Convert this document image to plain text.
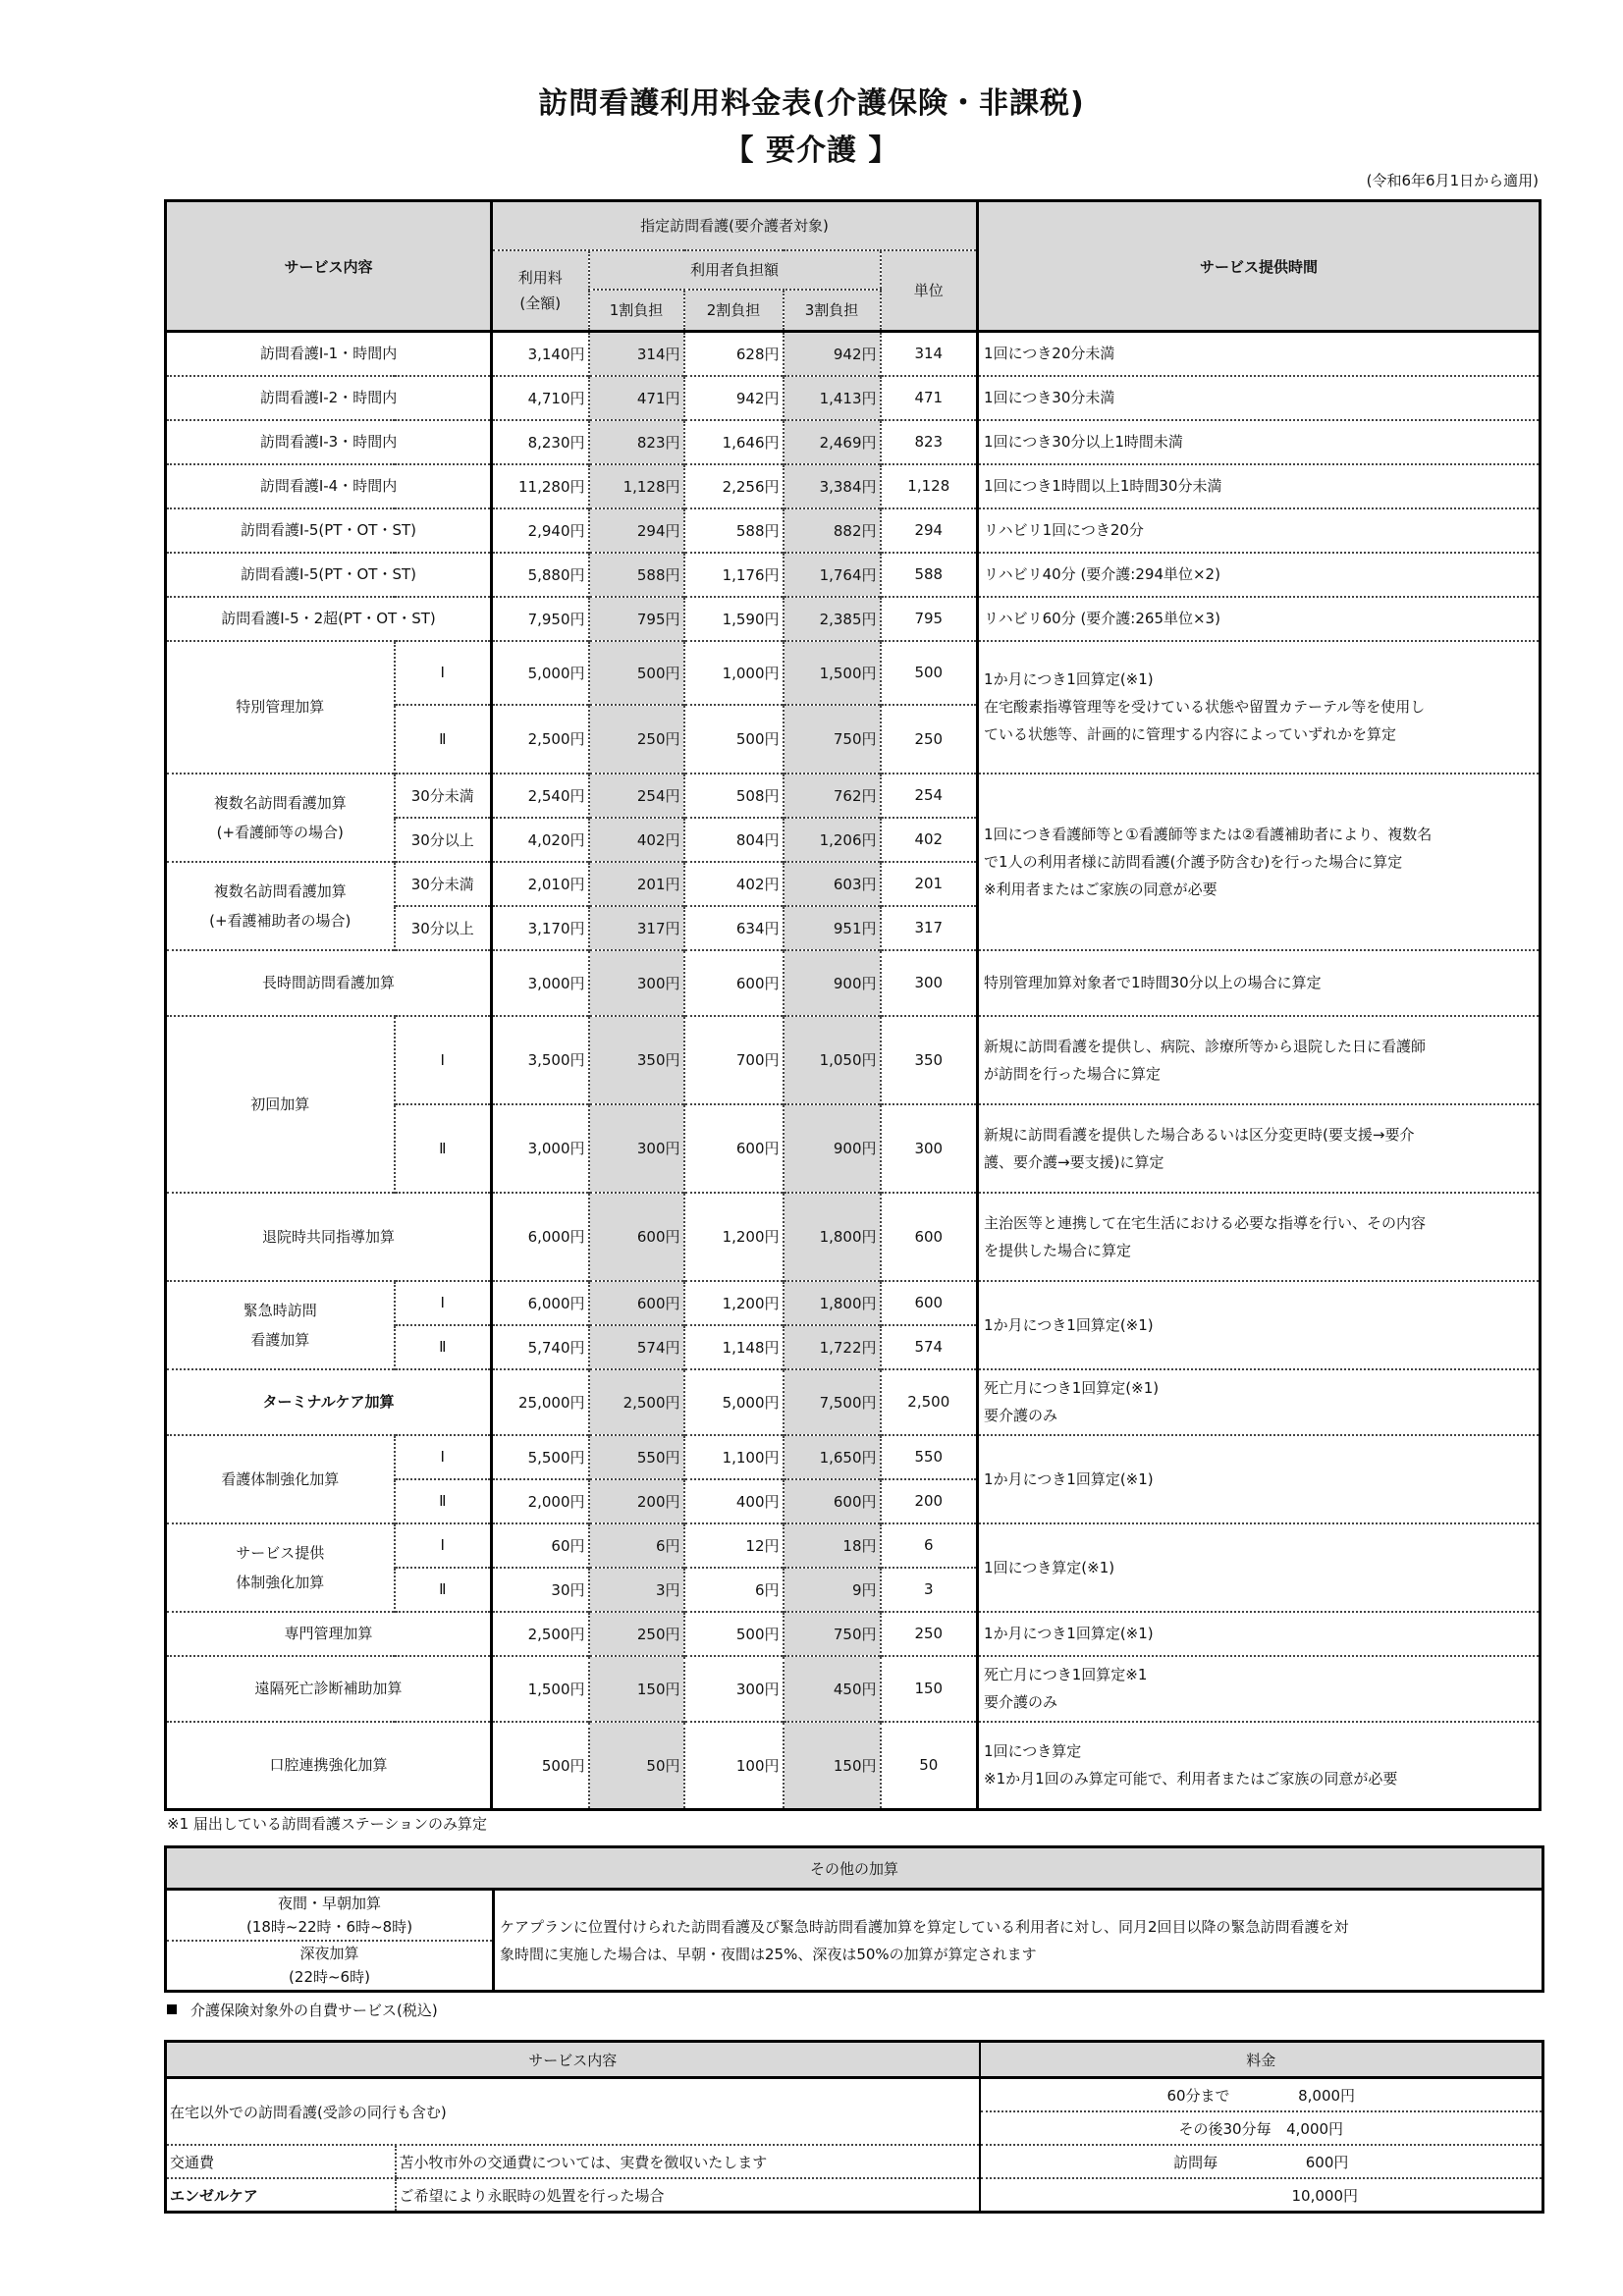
訪問看護利用料金表(介護保険・非課税)
【 要介護 】
(令和6年6月1日から適用)
サービス内容		指定訪問看護(要介護者対象)					サービス提供時間
		利用料
(全額)	利用者負担額			単位	
			1割負担	2割負担	3割負担		
訪問看護Ⅰ-1・時間内		3,140円	314円	628円	942円	314	1回につき20分未満
訪問看護Ⅰ-2・時間内		4,710円	471円	942円	1,413円	471	1回につき30分未満
訪問看護Ⅰ-3・時間内		8,230円	823円	1,646円	2,469円	823	1回につき30分以上1時間未満
訪問看護Ⅰ-4・時間内		11,280円	1,128円	2,256円	3,384円	1,128	1回につき1時間以上1時間30分未満
訪問看護Ⅰ-5(PT・OT・ST)		2,940円	294円	588円	882円	294	リハビリ1回につき20分
訪問看護Ⅰ-5(PT・OT・ST)		5,880円	588円	1,176円	1,764円	588	リハビリ40分 (要介護:294単位×2)
訪問看護Ⅰ-5・2超(PT・OT・ST)		7,950円	795円	1,590円	2,385円	795	リハビリ60分 (要介護:265単位×3)
特別管理加算	Ⅰ	5,000円	500円	1,000円	1,500円	500	1か月につき1回算定(※1)
在宅酸素指導管理等を受けている状態や留置カテーテル等を使用し
ている状態等、計画的に管理する内容によっていずれかを算定
	Ⅱ	2,500円	250円	500円	750円	250	
複数名訪問看護加算
(+看護師等の場合)	30分未満	2,540円	254円	508円	762円	254	1回につき看護師等と①看護師等または②看護補助者により、複数名
で1人の利用者様に訪問看護(介護予防含む)を行った場合に算定
※利用者またはご家族の同意が必要
	30分以上	4,020円	402円	804円	1,206円	402	
複数名訪問看護加算
(+看護補助者の場合)	30分未満	2,010円	201円	402円	603円	201	
	30分以上	3,170円	317円	634円	951円	317	
長時間訪問看護加算		3,000円	300円	600円	900円	300	特別管理加算対象者で1時間30分以上の場合に算定
初回加算	Ⅰ	3,500円	350円	700円	1,050円	350	新規に訪問看護を提供し、病院、診療所等から退院した日に看護師
が訪問を行った場合に算定
	Ⅱ	3,000円	300円	600円	900円	300	新規に訪問看護を提供した場合あるいは区分変更時(要支援→要介
護、要介護→要支援)に算定
退院時共同指導加算		6,000円	600円	1,200円	1,800円	600	主治医等と連携して在宅生活における必要な指導を行い、その内容
を提供した場合に算定
緊急時訪問
看護加算	Ⅰ	6,000円	600円	1,200円	1,800円	600	1か月につき1回算定(※1)
	Ⅱ	5,740円	574円	1,148円	1,722円	574	
ターミナルケア加算		25,000円	2,500円	5,000円	7,500円	2,500	死亡月につき1回算定(※1)
要介護のみ
看護体制強化加算	Ⅰ	5,500円	550円	1,100円	1,650円	550	1か月につき1回算定(※1)
	Ⅱ	2,000円	200円	400円	600円	200	
サービス提供
体制強化加算	Ⅰ	60円	6円	12円	18円	6	1回につき算定(※1)
	Ⅱ	30円	3円	6円	9円	3	
専門管理加算		2,500円	250円	500円	750円	250	1か月につき1回算定(※1)
遠隔死亡診断補助加算		1,500円	150円	300円	450円	150	死亡月につき1回算定※1
要介護のみ
口腔連携強化加算		500円	50円	100円	150円	50	1回につき算定
※1か月1回のみ算定可能で、利用者またはご家族の同意が必要
※1 届出している訪問看護ステーションのみ算定
その他の加算
夜間・早朝加算
(18時~22時・6時~8時)	ケアプランに位置付けられた訪問看護及び緊急時訪問看護加算を算定している利用者に対し、同月2回目以降の緊急訪問看護を対
象時間に実施した場合は、早朝・夜間は25%、深夜は50%の加算が算定されます
深夜加算
(22時~6時)
介護保険対象外の自費サービス(税込)
サービス内容		料金
在宅以外での訪問看護(受診の同行も含む)		60分まで 8,000円
		その後30分毎 4,000円
交通費	苫小牧市外の交通費については、実費を徴収いたします	訪問毎 600円
エンゼルケア	ご希望により永眠時の処置を行った場合	10,000円
